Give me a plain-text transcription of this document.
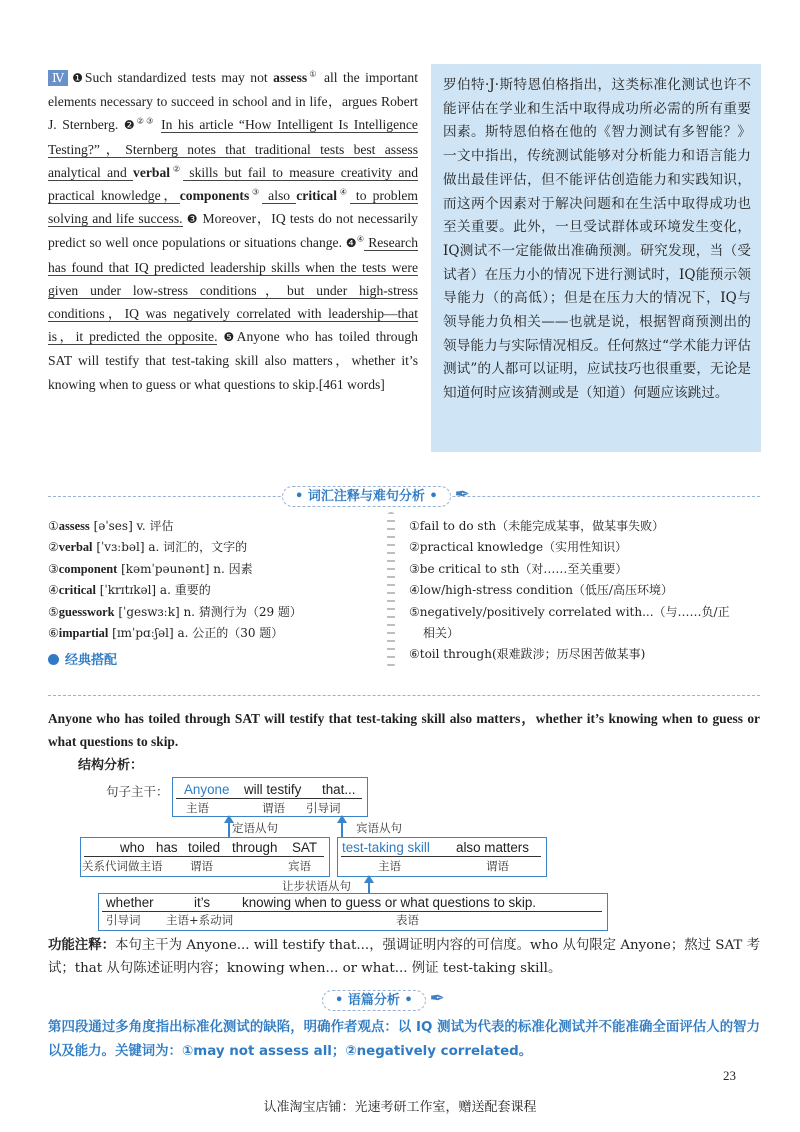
Ⅳ ❶Such standardized tests may not assess① all the important elements necessary to succeed in school and in life，argues Robert J. Sternberg. ❷②③ In his article “How Intelligent Is Intelligence Testing?”，Sternberg notes that traditional tests best assess analytical and verbal② skills but fail to measure creativity and practical knowledge，components③ also critical④ to problem solving and life success. ❸ Moreover，IQ tests do not necessarily predict so well once populations or situations change. ❹④ Research has found that IQ predicted leadership skills when the tests were given under low-stress conditions，but under high-stress conditions，IQ was negatively correlated with leadership—that is，it predicted the opposite. ❺Anyone who has toiled through SAT will testify that test-taking skill also matters，whether it’s knowing when to guess or what questions to skip.[461 words]
罗伯特·J·斯特恩伯格指出，这类标准化测试也许不能评估在学业和生活中取得成功所必需的所有重要因素。斯特恩伯格在他的《智力测试有多智能？》一文中指出，传统测试能够对分析能力和语言能力做出最佳评估，但不能评估创造能力和实践知识，而这两个因素对于解决问题和在生活中取得成功也至关重要。此外，一旦受试群体或环境发生变化，IQ测试不一定能做出准确预测。研究发现，当（受试者）在压力小的情况下进行测试时，IQ能预示领导能力（的高低）；但是在压力大的情况下，IQ与领导能力负相关——也就是说，根据智商预测出的领导能力与实际情况相反。任何熬过“学术能力评估测试”的人都可以证明，应试技巧也很重要，无论是知道何时应该猜测或是（知道）何题应该跳过。
• 词汇注释与难句分析 • ✒
①assess [əˈses] v. 评估
②verbal [ˈvɜːbəl] a. 词汇的，文字的
③component [kəmˈpəunənt] n. 因素
④critical [ˈkrɪtɪkəl] a. 重要的
⑤guesswork [ˈgeswɜːk] n. 猜测行为（29 题）
⑥impartial [ɪmˈpɑːʃəl] a. 公正的（30 题）
经典搭配
①fail to do sth（未能完成某事，做某事失败）
②practical knowledge（实用性知识）
③be critical to sth（对……至关重要）
④low/high-stress condition（低压/高压环境）
⑤negatively/positively correlated with...（与……负/正
相关）
⑥toil through(艰难跋涉；历尽困苦做某事)
Anyone who has toiled through SAT will testify that test-taking skill also matters，whether it’s knowing when to guess or what questions to skip.
结构分析：
句子主干： Anyone will testify that...
主语	谓语 引导词
定语从句	宾语从句
who has toiled through SAT
关系代词做主语 谓语	宾语
test-taking skill also matters
主语	谓语
让步状语从句
whether	it’s knowing when to guess or what questions to skip.
引导词 主语+系动词	表语
功能注释：本句主干为 Anyone... will testify that...，强调证明内容的可信度。who 从句限定 Anyone；熬过 SAT 考试；that 从句陈述证明内容；knowing when... or what... 例证 test-taking skill。
• 语篇分析 • ✒
第四段通过多角度指出标准化测试的缺陷，明确作者观点：以 IQ 测试为代表的标准化测试并不能准确全面评估人的智力以及能力。关键词为：①may not assess all；②negatively correlated。
23
认准淘宝店铺：光速考研工作室，赠送配套课程
